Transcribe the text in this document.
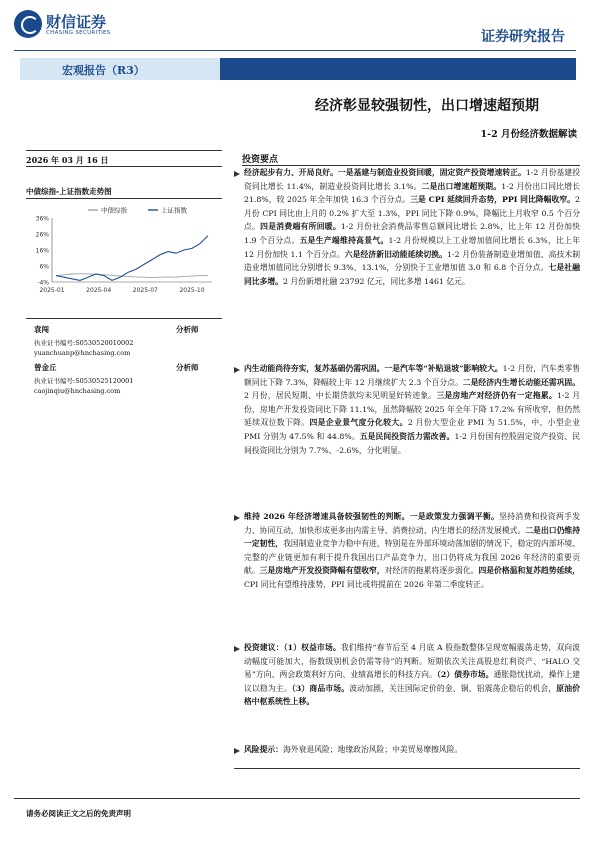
财信证券
CHASING SECURITIES	证券研究报告
宏观报告（R3）
经济彰显较强韧性，出口增速超预期
1-2 月份经济数据解读
2026 年 03 月 16 日
中债综指-上证指数走势图
36%
26%
16%
6%
-4%
2025-01	2025-04	2025-07	2025-10
中债综指	上证指数
袁闯	分析师
执业证书编号:S0530520010002
yuanchuanp@hnchasing.com
曾金丘	分析师
执业证书编号:S0530525120001
caojinqiu@hnchasing.com
投资要点
经济起步有力、开局良好。一是基建与制造业投资回暖，固定资产投资增速转正。1-2 月份基建投资同比增长 11.4%，制造业投资同比增长 3.1%。二是出口增速超预期。1-2 月份出口同比增长 21.8%，较 2025 年全年加快 16.3 个百分点。三是 CPI 延续回升态势，PPI 同比降幅收窄。2 月份 CPI 同比由上月的 0.2% 扩大至 1.3%，PPI 同比下降 0.9%，降幅比上月收窄 0.5 个百分点。四是消费端有所回暖。1-2 月份社会消费品零售总额同比增长 2.8%，比上年 12 月份加快 1.9 个百分点。五是生产端维持高景气。1-2 月份规模以上工业增加值同比增长 6.3%，比上年 12 月份加快 1.1 个百分点。六是经济新旧动能延续切换。1-2 月份装备制造业增加值、高技术制造业增加值同比分别增长 9.3%、13.1%，分别快于工业增加值 3.0 和 6.8 个百分点。七是社融同比多增。2 月份新增社融 23792 亿元，同比多增 1461 亿元。
内生动能尚待夯实，复苏基础仍需巩固。一是汽车等“补贴退坡”影响较大。1-2 月份，汽车类零售额同比下降 7.3%，降幅较上年 12 月继续扩大 2.3 个百分点。二是经济内生增长动能还需巩固。2 月份，居民短期、中长期贷款均未见明显好转迹象。三是房地产对经济仍有一定拖累。1-2 月份，房地产开发投资同比下降 11.1%，虽然降幅较 2025 年全年下降 17.2% 有所收窄，但仍然延续双位数下降。四是企业景气度分化较大。2 月份大型企业 PMI 为 51.5%，中、小型企业 PMI 分别为 47.5% 和 44.8%。五是民间投资活力需改善。1-2 月份国有控股固定资产投资、民间投资同比分别为 7.7%、-2.6%，分化明显。
维持 2026 年经济增速具备较强韧性的判断。一是政策发力强调平衡。坚持消费和投资两手发力、协同互动，加快形成更多由内需主导、消费拉动、内生增长的经济发展模式。二是出口仍维持一定韧性，我国制造业竞争力稳中有进，特别是在外部环境动荡加剧的情况下，稳定的内部环境、完整的产业链更加有利于提升我国出口产品竞争力，出口仍将成为我国 2026 年经济的重要贡献。三是房地产开发投资降幅有望收窄，对经济的拖累将逐步弱化。四是价格温和复苏趋势延续，CPI 同比有望维持涨势，PPI 同比或将提前在 2026 年第二季度转正。
投资建议：（1）权益市场。我们维持“春节后至 4 月底 A 股指数整体呈现宽幅震荡走势，双向波动幅度可能加大，指数级别机会仍需等待”的判断。短期依次关注高股息红利资产、“HALO 交易”方向、两会政策利好方向、业绩高增长的科技方向。（2）债券市场。通胀隐忧扰动，操作上建议以稳为主。（3）商品市场。波动加剧，关注国际定价的金、铜、铝震荡企稳后的机会，原油价格中枢系统性上移。
风险提示：海外衰退风险；地缘政治风险；中美贸易摩擦风险。
请务必阅读正文之后的免责声明
